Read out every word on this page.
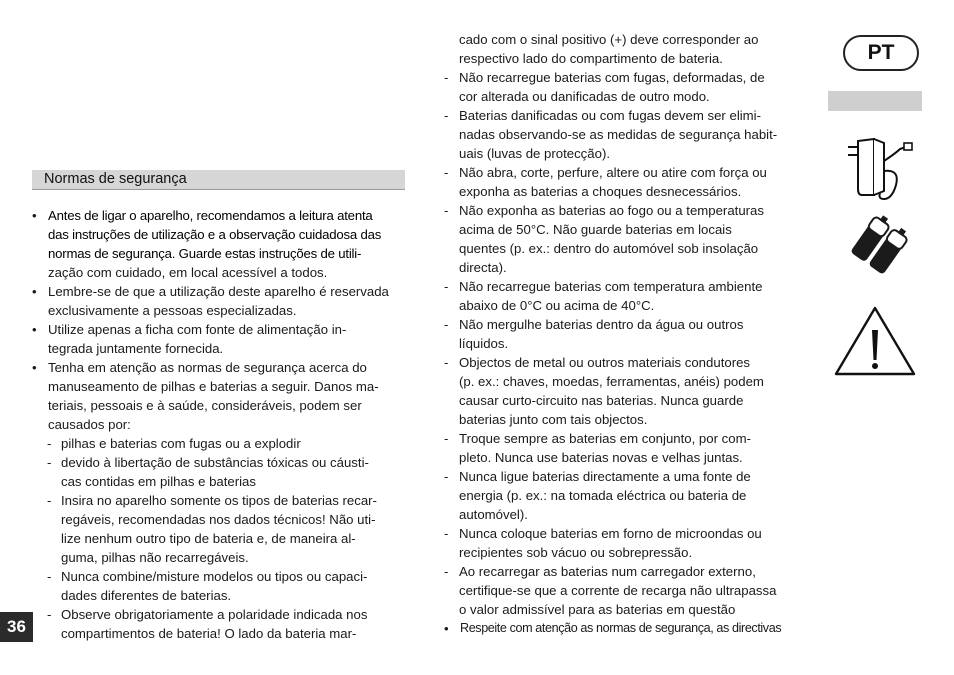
36
Normas de segurança
• Antes de ligar o aparelho, recomendamos a leitura atenta
das instruções de utilização e a observação cuidadosa das
normas de segurança. Guarde estas instruções de utili-
zação com cuidado, em local acessível a todos.
• Lembre-se de que a utilização deste aparelho é reservada
exclusivamente a pessoas especializadas.
• Utilize apenas a ficha com fonte de alimentação in-
tegrada juntamente fornecida.
• Tenha em atenção as normas de segurança acerca do
manuseamento de pilhas e baterias a seguir. Danos ma-
teriais, pessoais e à saúde, consideráveis, podem ser
causados por:
- pilhas e baterias com fugas ou a explodir
- devido à libertação de substâncias tóxicas ou cáusti-
cas contidas em pilhas e baterias
- Insira no aparelho somente os tipos de baterias recar-
regáveis, recomendadas nos dados técnicos! Não uti-
lize nenhum outro tipo de bateria e, de maneira al-
guma, pilhas não recarregáveis.
- Nunca combine/misture modelos ou tipos ou capaci-
dades diferentes de baterias.
- Observe obrigatoriamente a polaridade indicada nos
compartimentos de bateria! O lado da bateria mar-
cado com o sinal positivo (+) deve corresponder ao
respectivo lado do compartimento de bateria.
- Não recarregue baterias com fugas, deformadas, de
cor alterada ou danificadas de outro modo.
- Baterias danificadas ou com fugas devem ser elimi-
nadas observando-se as medidas de segurança habit-
uais (luvas de protecção).
- Não abra, corte, perfure, altere ou atire com força ou
exponha as baterias a choques desnecessários.
- Não exponha as baterias ao fogo ou a temperaturas
acima de 50°C. Não guarde baterias em locais
quentes (p. ex.: dentro do automóvel sob insolação
directa).
- Não recarregue baterias com temperatura ambiente
abaixo de 0°C ou acima de 40°C.
- Não mergulhe baterias dentro da água ou outros
líquidos.
- Objectos de metal ou outros materiais condutores
(p. ex.: chaves, moedas, ferramentas, anéis) podem
causar curto-circuito nas baterias. Nunca guarde
baterias junto com tais objectos.
- Troque sempre as baterias em conjunto, por com-
pleto. Nunca use baterias novas e velhas juntas.
- Nunca ligue baterias directamente a uma fonte de
energia (p. ex.: na tomada eléctrica ou bateria de
automóvel).
- Nunca coloque baterias em forno de microondas ou
recipientes sob vácuo ou sobrepressão.
- Ao recarregar as baterias num carregador externo,
certifique-se que a corrente de recarga não ultrapassa
o valor admissível para as baterias em questão
• Respeite com atenção as normas de segurança, as directivas
PT
